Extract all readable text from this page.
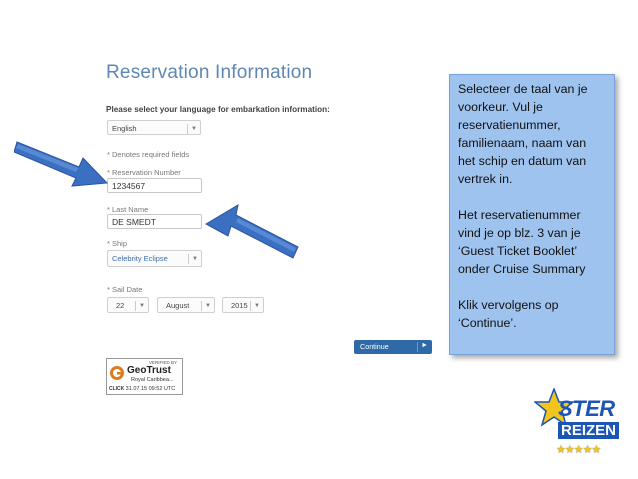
Reservation Information
Please select your language for embarkation information:
English	▼
* Denotes required fields
* Reservation Number
1234567
* Last Name
DE SMEDT
* Ship
Celebrity Eclipse	▼
* Sail Date
22	▼	August	▼	2015	▼
Continue	►
VERIFIED BY
GeoTrust
Royal Caribbea...
CLICK 31.07.15 09:52 UTC

Selecteer de taal van je voorkeur. Vul je reservatienummer, familienaam, naam van het schip en datum van vertrek in.

Het reservatienummer vind je op blz. 3 van je ‘Guest Ticket Booklet’ onder Cruise Summary

Klik vervolgens op ‘Continue’.

STER
REIZEN
★★★★★
